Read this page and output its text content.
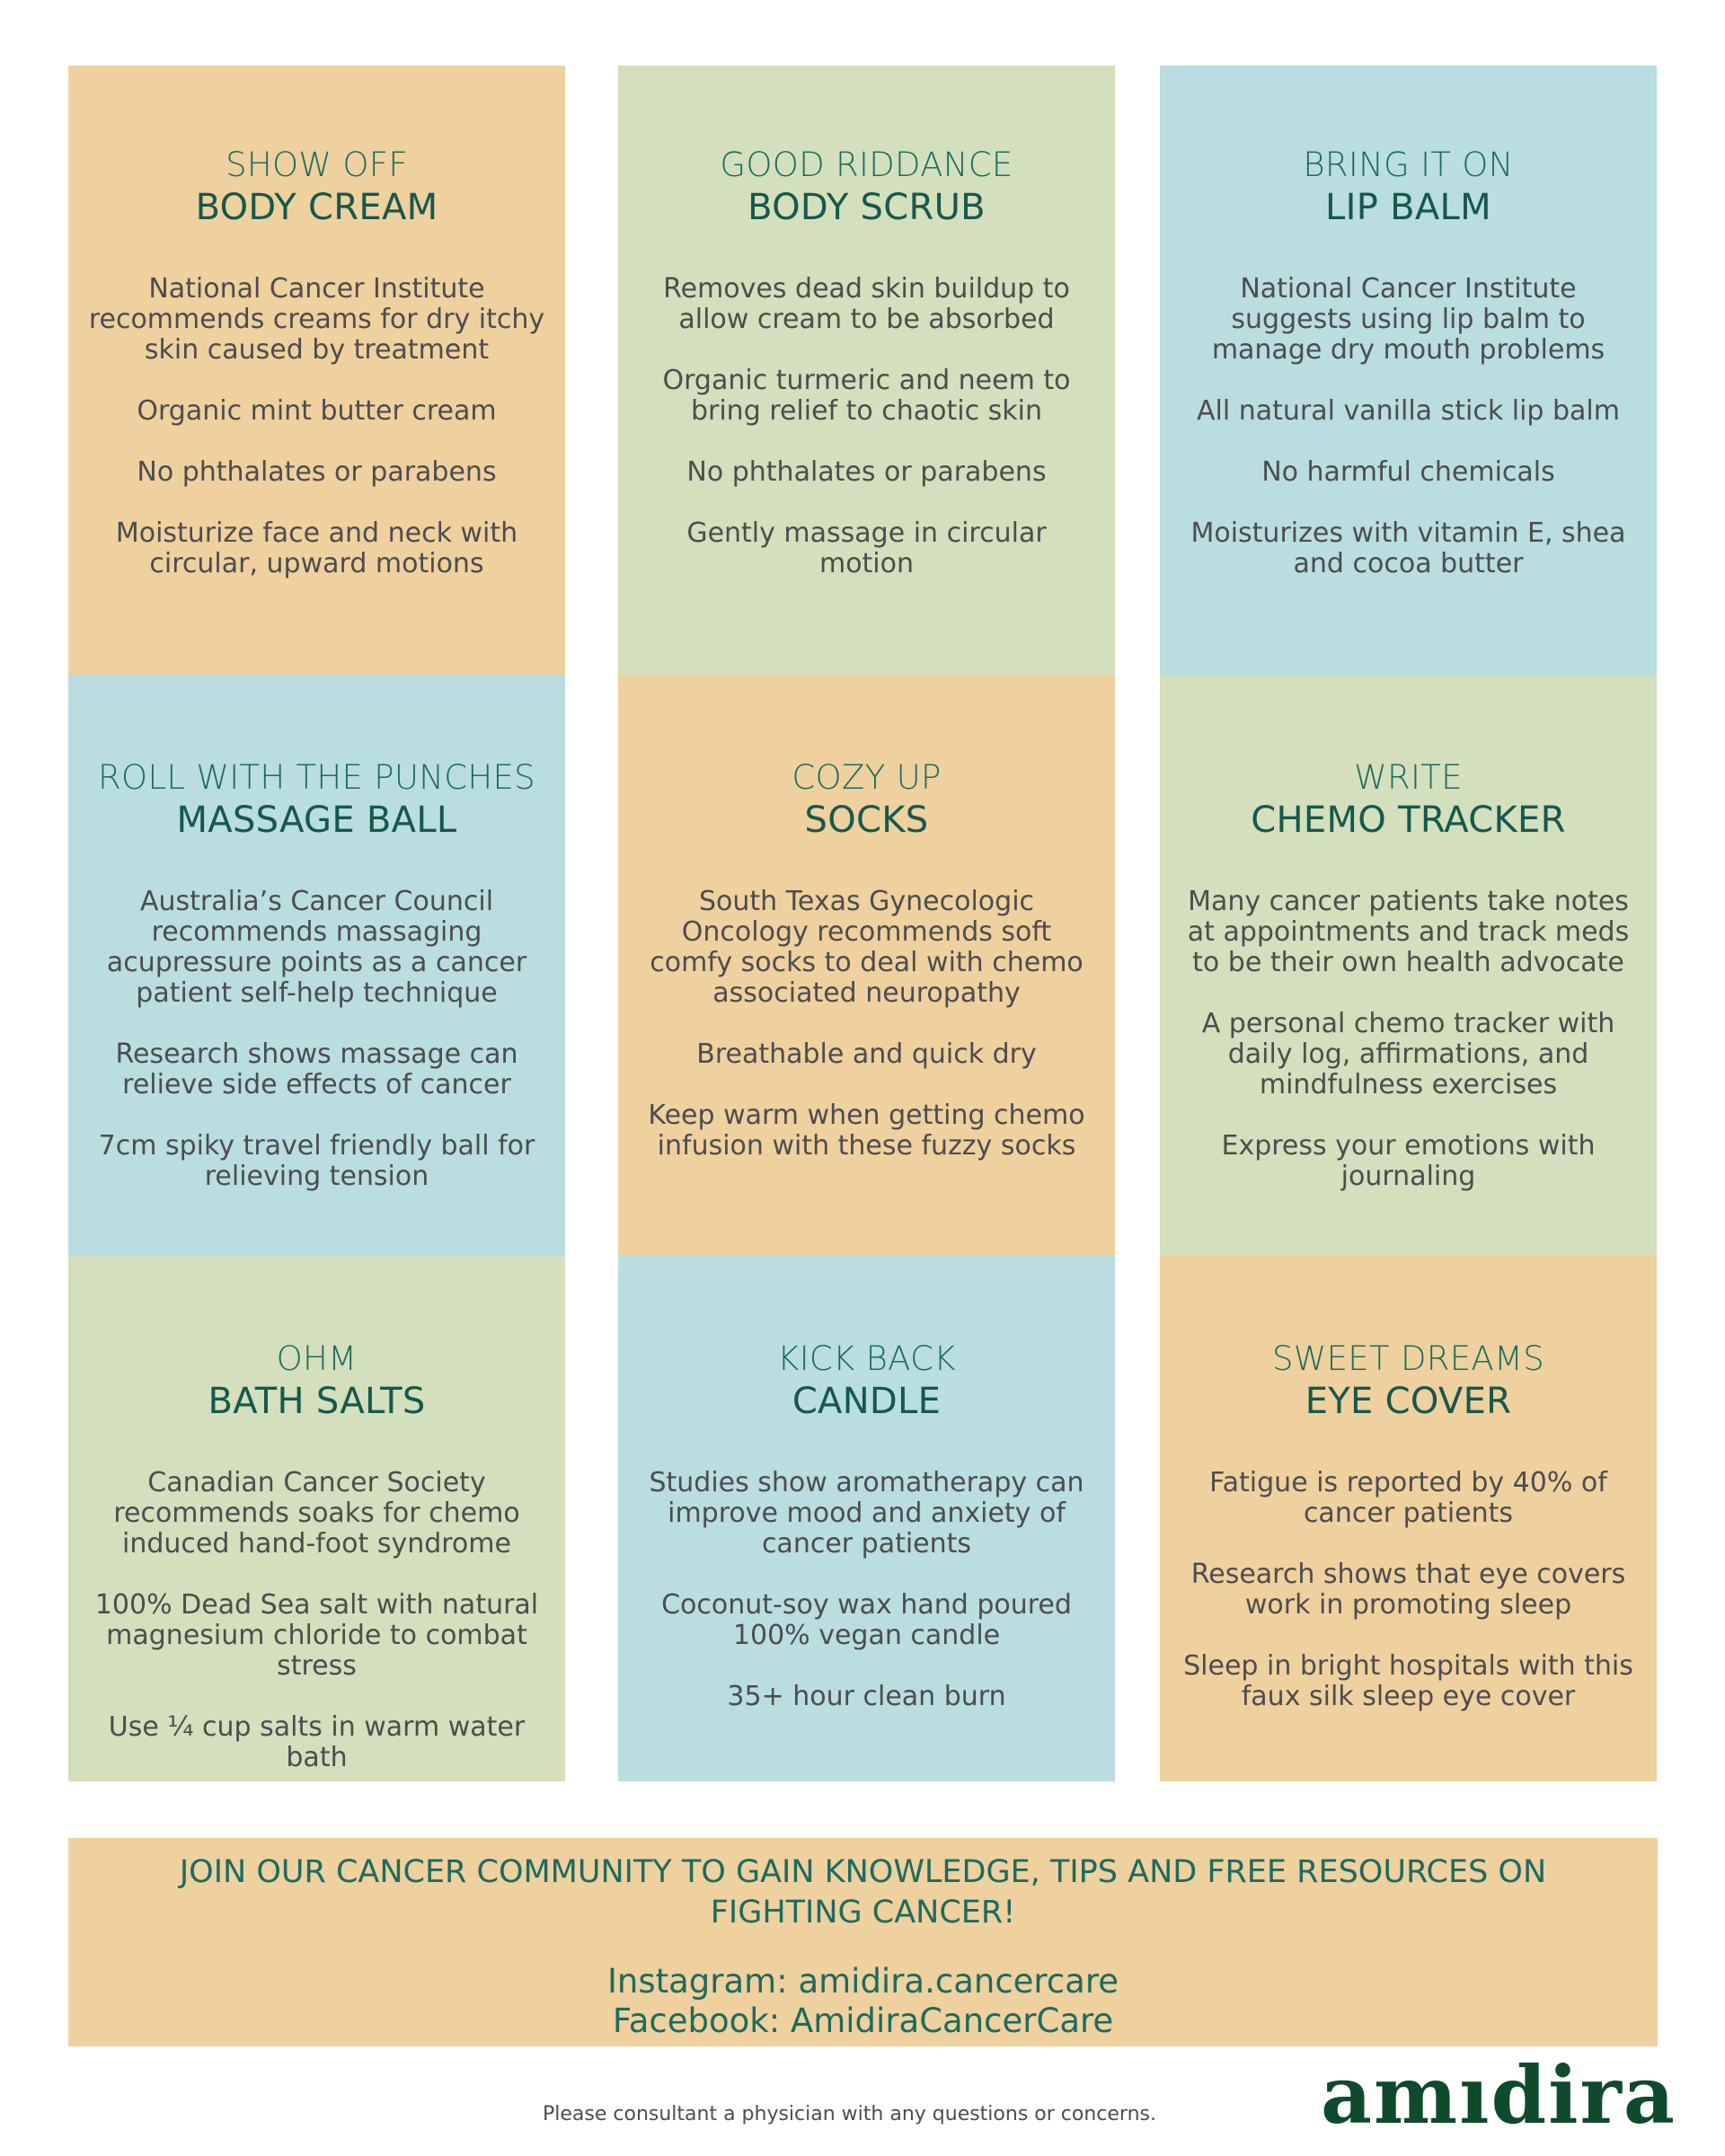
SHOW OFF

BODY CREAM

National Cancer Institute recommends creams for dry itchy skin caused by treatment
Organic mint butter cream
No phthalates or parabens
Moisturize face and neck with circular, upward motions

ROLL WITH THE PUNCHES

MASSAGE BALL

Australia’s Cancer Council recommends massaging acupressure points as a cancer patient self-help technique
Research shows massage can relieve side effects of cancer
7cm spiky travel friendly ball for relieving tension

OHM

BATH SALTS

Canadian Cancer Society recommends soaks for chemo induced hand-foot syndrome
100% Dead Sea salt with natural magnesium chloride to combat stress
Use ¼ cup salts in warm water bath

GOOD RIDDANCE

BODY SCRUB

Removes dead skin buildup to allow cream to be absorbed
Organic turmeric and neem to bring relief to chaotic skin
No phthalates or parabens
Gently massage in circular motion

COZY UP

SOCKS

South Texas Gynecologic Oncology recommends soft comfy socks to deal with chemo associated neuropathy
Breathable and quick dry
Keep warm when getting chemo infusion with these fuzzy socks

KICK BACK

CANDLE

Studies show aromatherapy can improve mood and anxiety of cancer patients
Coconut-soy wax hand poured 100% vegan candle
35+ hour clean burn

BRING IT ON

LIP BALM

National Cancer Institute suggests using lip balm to manage dry mouth problems
All natural vanilla stick lip balm
No harmful chemicals
Moisturizes with vitamin E, shea and cocoa butter

WRITE

CHEMO TRACKER

Many cancer patients take notes at appointments and track meds to be their own health advocate
A personal chemo tracker with daily log, affirmations, and mindfulness exercises
Express your emotions with journaling

SWEET DREAMS

EYE COVER

Fatigue is reported by 40% of cancer patients
Research shows that eye covers work in promoting sleep
Sleep in bright hospitals with this faux silk sleep eye cover

JOIN OUR CANCER COMMUNITY TO GAIN KNOWLEDGE, TIPS AND FREE RESOURCES ON FIGHTING CANCER!

Instagram: amidira.cancercare

Facebook: AmidiraCancerCare

Please consultant a physician with any questions or concerns. amıdira
